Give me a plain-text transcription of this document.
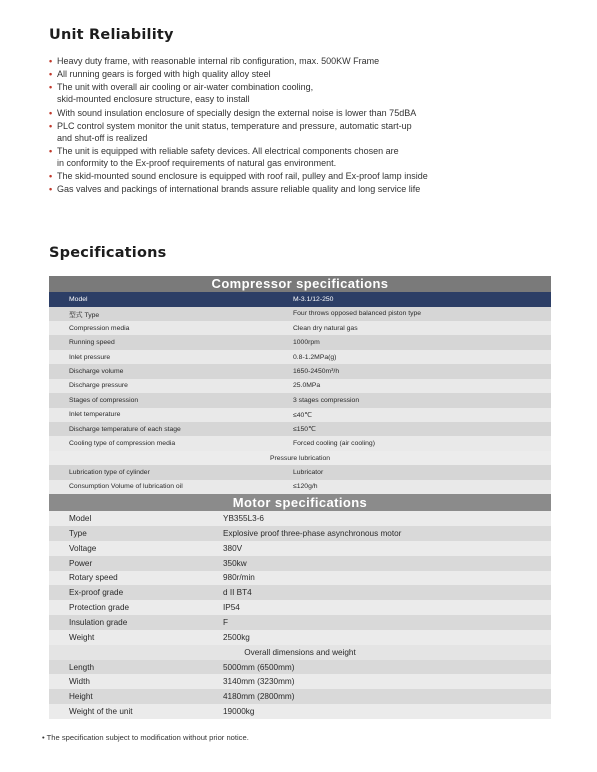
Unit Reliability
• Heavy duty frame, with reasonable internal rib configuration, max. 500KW Frame
• All running gears is forged with high quality alloy steel
• The unit with overall air cooling or air-water combination cooling,
skid-mounted enclosure structure, easy to install
• With sound insulation enclosure of specially design the external noise is lower than 75dBA
• PLC control system monitor the unit status, temperature and pressure, automatic start-up
and shut-off is realized
• The unit is equipped with reliable safety devices. All electrical components chosen are
in conformity to the Ex-proof requirements of natural gas environment.
• The skid-mounted sound enclosure is equipped with roof rail, pulley and Ex-proof lamp inside
• Gas valves and packings of international brands assure reliable quality and long service life
Specifications
Compressor specifications
Model	M-3.1/12-250
型式 Type	Four throws opposed balanced piston type
Compression media	Clean dry natural gas
Running speed	1000rpm
Inlet pressure	0.8-1.2MPa(g)
Discharge volume	1650-2450m³/h
Discharge pressure	25.0MPa
Stages of compression	3 stages compression
Inlet temperature	≤40℃
Discharge temperature of each stage	≤150℃
Cooling type of compression media	Forced cooling (air cooling)
Pressure lubrication	
Lubrication type of cylinder	Lubricator
Consumption Volume of lubrication oil	≤120g/h
Motor specifications
Model	YB355L3-6
Type	Explosive proof three-phase asynchronous motor
Voltage	380V
Power	350kw
Rotary speed	980r/min
Ex-proof grade	d II BT4
Protection grade	IP54
Insulation grade	F
Weight	2500kg
Overall dimensions and weight	
Length	5000mm (6500mm)
Width	3140mm (3230mm)
Height	4180mm (2800mm)
Weight of the unit	19000kg

• The specification subject to modification without prior notice.
